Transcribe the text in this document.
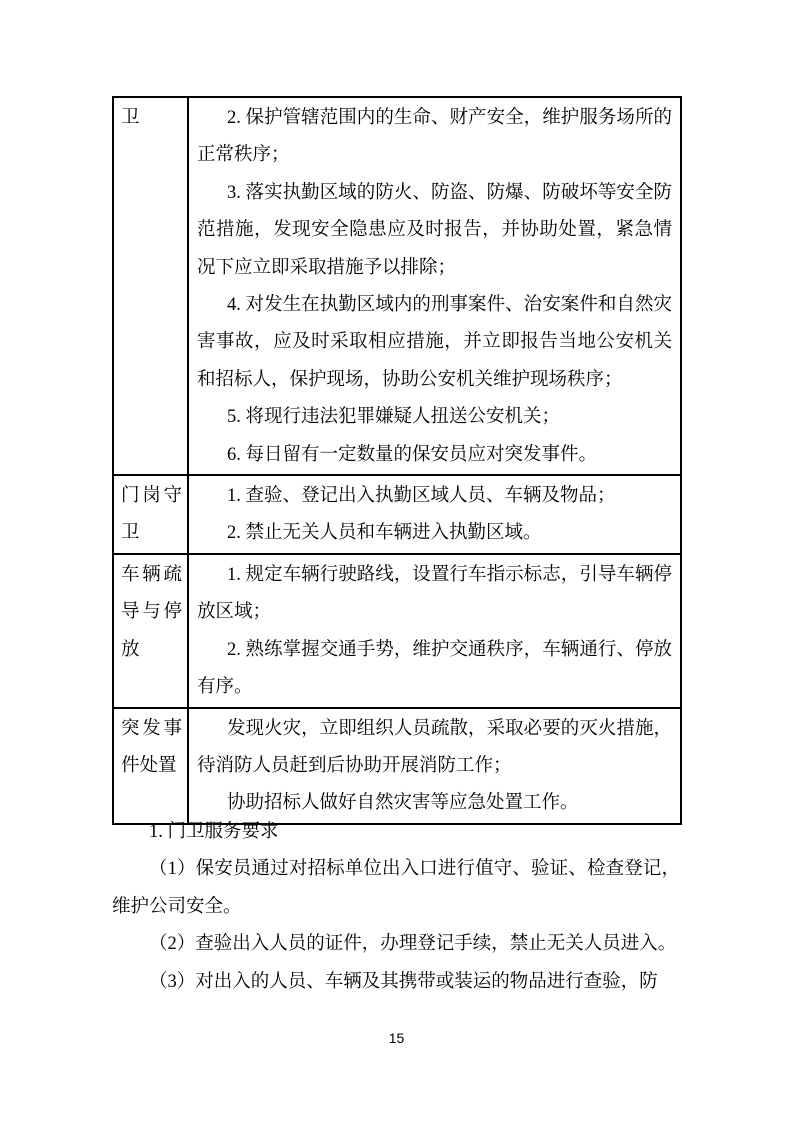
卫	2. 保护管辖范围内的生命、财产安全，维护服务场所的正常秩序；

3. 落实执勤区域的防火、防盗、防爆、防破坏等安全防范措施，发现安全隐患应及时报告，并协助处置，紧急情况下应立即采取措施予以排除；

4. 对发生在执勤区域内的刑事案件、治安案件和自然灾害事故，应及时采取相应措施，并立即报告当地公安机关和招标人，保护现场，协助公安机关维护现场秩序；

5. 将现行违法犯罪嫌疑人扭送公安机关；

6. 每日留有一定数量的保安员应对突发事件。

门岗守卫	1. 查验、登记出入执勤区域人员、车辆及物品；

2. 禁止无关人员和车辆进入执勤区域。

车辆疏导与停放	1. 规定车辆行驶路线，设置行车指示标志，引导车辆停放区域；

2. 熟练掌握交通手势，维护交通秩序，车辆通行、停放有序。

突发事件处置	发现火灾，立即组织人员疏散，采取必要的灭火措施，待消防人员赶到后协助开展消防工作；

协助招标人做好自然灾害等应急处置工作。

1. 门卫服务要求

（1）保安员通过对招标单位出入口进行值守、验证、检查登记，维护公司安全。

（2）查验出入人员的证件，办理登记手续，禁止无关人员进入。

（3）对出入的人员、车辆及其携带或装运的物品进行查验，防

15
